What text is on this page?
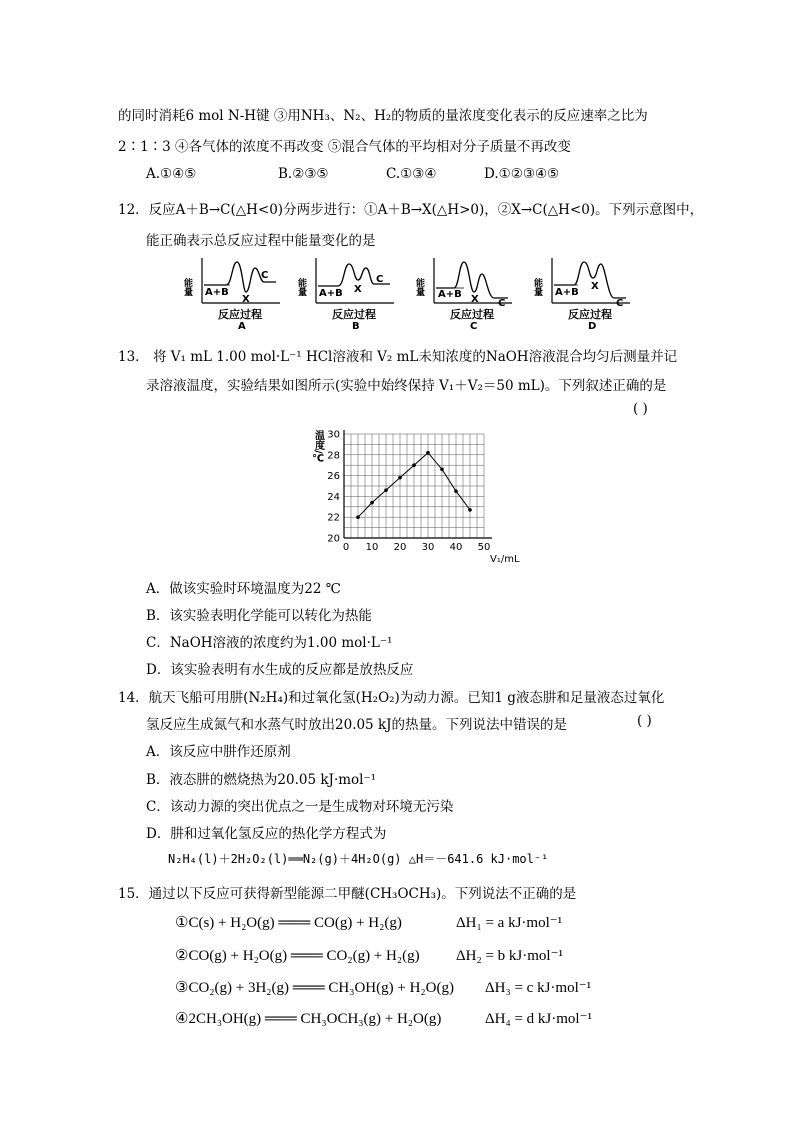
的同时消耗6 mol N-H键 ③用NH₃、N₂、H₂的物质的量浓度变化表示的反应速率之比为
2∶1∶3 ④各气体的浓度不再改变 ⑤混合气体的平均相对分子质量不再改变
A.①④⑤	B.②③⑤	C.①③④	D.①②③④⑤
12．反应A＋B→C(△H<0)分两步进行：①A＋B→X(△H>0)，②X→C(△H<0)。下列示意图中，
能正确表示总反应过程中能量变化的是
能量 A+B
X
C
反应过程
A
能量 A+B X
C
反应过程
B
能量 A+B X C
反应过程
C
能量 A+B
X
C
反应过程
D
13． 将 V₁ mL 1.00 mol·L⁻¹ HCl溶液和 V₂ mL未知浓度的NaOH溶液混合均匀后测量并记
录溶液温度，实验结果如图所示(实验中始终保持 V₁＋V₂＝50 mL)。下列叙述正确的是
( )
20
22
24
26
28
30
10 20 30 40 50
0
温度/℃
V₁/mL
A．做该实验时环境温度为22 ℃
B．该实验表明化学能可以转化为热能
C．NaOH溶液的浓度约为1.00 mol·L⁻¹
D．该实验表明有水生成的反应都是放热反应
14．航天飞船可用肼(N₂H₄)和过氧化氢(H₂O₂)为动力源。已知1 g液态肼和足量液态过氧化
氢反应生成氮气和水蒸气时放出20.05 kJ的热量。下列说法中错误的是	( )
A．该反应中肼作还原剂
B．液态肼的燃烧热为20.05 kJ·mol⁻¹
C．该动力源的突出优点之一是生成物对环境无污染
D．肼和过氧化氢反应的热化学方程式为
N₂H₄(l)＋2H₂O₂(l)══N₂(g)＋4H₂O(g) △H＝－641.6 kJ·mol⁻¹
15．通过以下反应可获得新型能源二甲醚(CH₃OCH₃)。下列说法不正确的是
①C(s) + H₂O(g) ═══ CO(g) + H₂(g)	ΔH₁ = a kJ·mol⁻¹
②CO(g) + H₂O(g) ═══ CO₂(g) + H₂(g) ΔH₂ = b kJ·mol⁻¹
③CO₂(g) + 3H₂(g) ═══ CH₃OH(g) + H₂O(g) ΔH₃ = c kJ·mol⁻¹
④2CH₃OH(g) ═══ CH₃OCH₃(g) + H₂O(g)	ΔH₄ = d kJ·mol⁻¹
